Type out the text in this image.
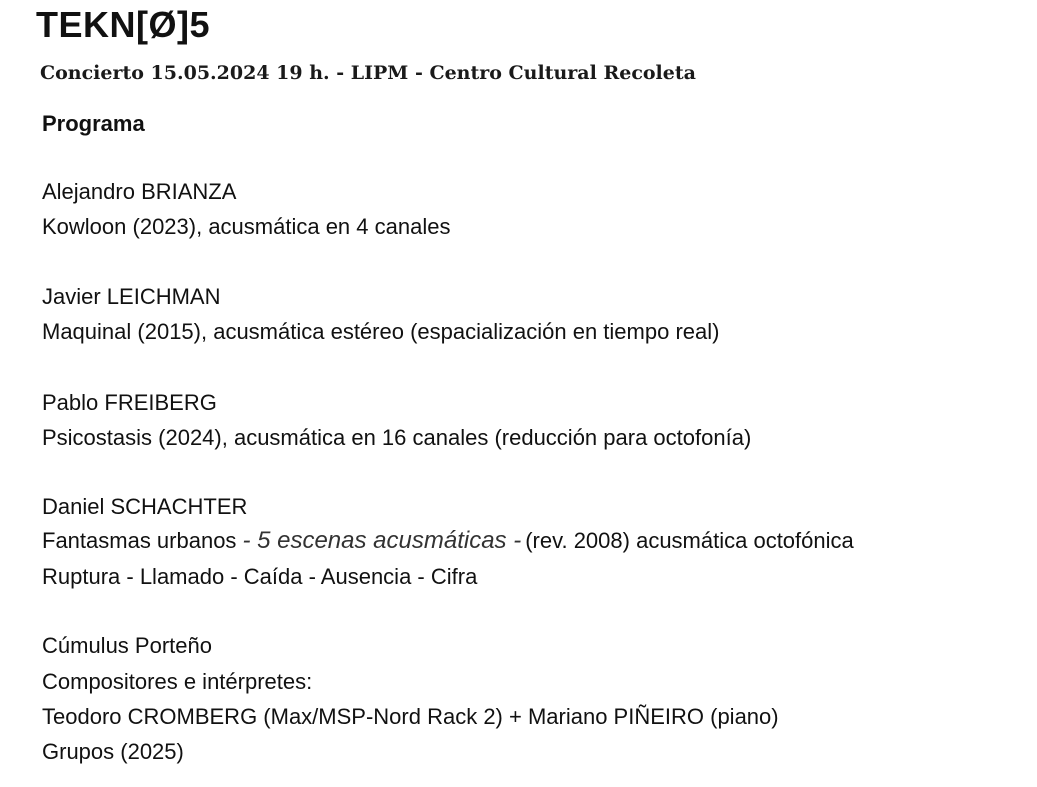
TEKN[Ø]5
Concierto 15.05.2024 19 h. - LIPM - Centro Cultural Recoleta
Programa
Alejandro BRIANZA
Kowloon (2023), acusmática en 4 canales
Javier LEICHMAN
Maquinal (2015), acusmática estéreo (espacialización en tiempo real)
Pablo FREIBERG
Psicostasis (2024), acusmática en 16 canales (reducción para octofonía)
Daniel SCHACHTER
Fantasmas urbanos - 5 escenas acusmáticas - (rev. 2008) acusmática octofónica
Ruptura - Llamado - Caída - Ausencia - Cifra
Cúmulus Porteño
Compositores e intérpretes:
Teodoro CROMBERG (Max/MSP-Nord Rack 2) + Mariano PIÑEIRO (piano)
Grupos (2025)
